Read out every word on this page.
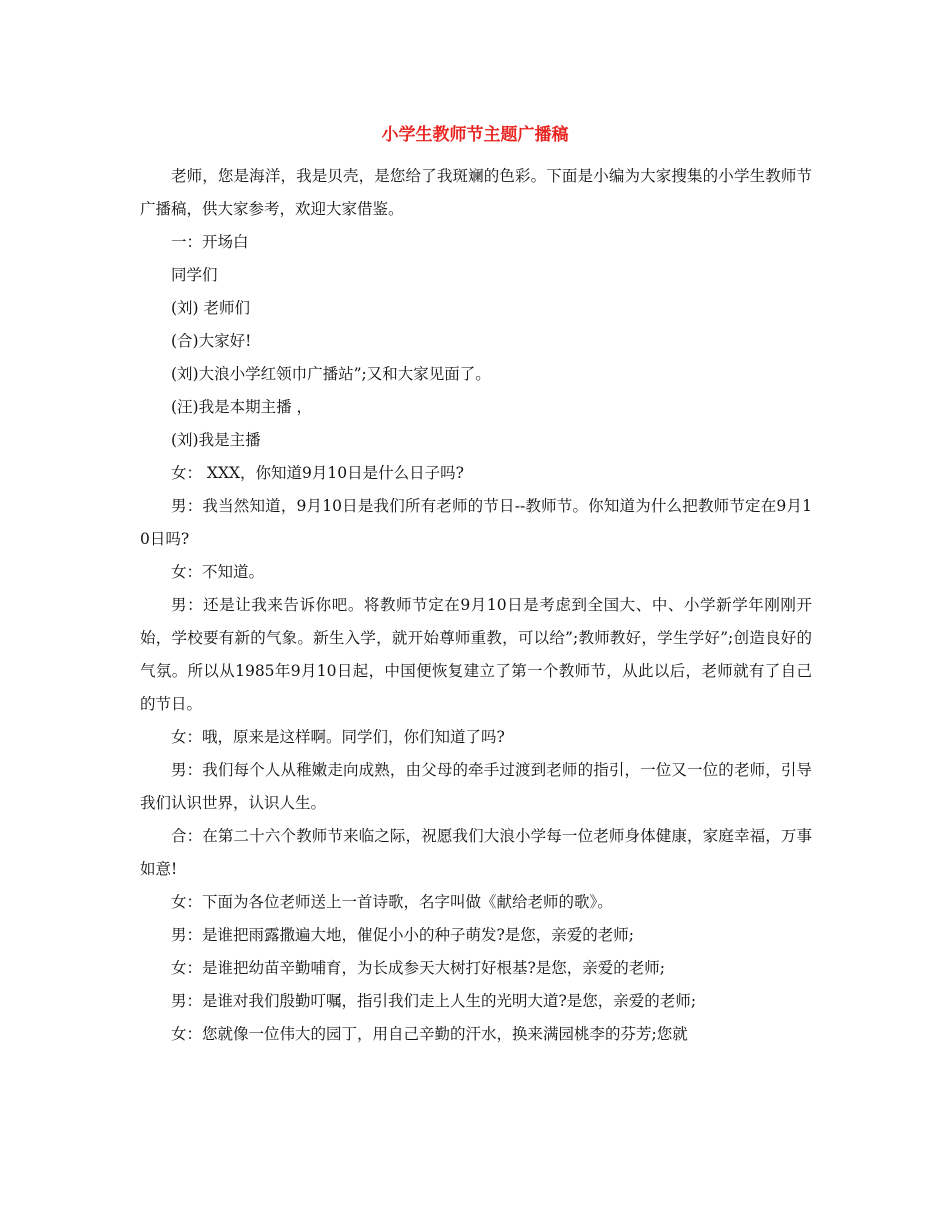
小学生教师节主题广播稿

老师，您是海洋，我是贝壳，是您给了我斑斓的色彩。下面是小编为大家搜集的小学生教师节广播稿，供大家参考，欢迎大家借鉴。

一：开场白

同学们

(刘) 老师们

(合)大家好!

(刘)大浪小学红领巾广播站”;又和大家见面了。

(汪)我是本期主播 ，

(刘)我是主播

女： XXX，你知道9月10日是什么日子吗?

男：我当然知道，9月10日是我们所有老师的节日--教师节。你知道为什么把教师节定在9月10日吗?

女：不知道。

男：还是让我来告诉你吧。将教师节定在9月10日是考虑到全国大、中、小学新学年刚刚开始，学校要有新的气象。新生入学，就开始尊师重教，可以给”;教师教好，学生学好”;创造良好的气氛。所以从1985年9月10日起，中国便恢复建立了第一个教师节，从此以后，老师就有了自己的节日。

女：哦，原来是这样啊。同学们，你们知道了吗?

男：我们每个人从稚嫩走向成熟，由父母的牵手过渡到老师的指引，一位又一位的老师，引导我们认识世界，认识人生。

合：在第二十六个教师节来临之际，祝愿我们大浪小学每一位老师身体健康，家庭幸福，万事如意!

女：下面为各位老师送上一首诗歌，名字叫做《献给老师的歌》。

男：是谁把雨露撒遍大地，催促小小的种子萌发?是您，亲爱的老师;

女：是谁把幼苗辛勤哺育，为长成参天大树打好根基?是您，亲爱的老师;

男：是谁对我们殷勤叮嘱，指引我们走上人生的光明大道?是您，亲爱的老师;

女：您就像一位伟大的园丁，用自己辛勤的汗水，换来满园桃李的芬芳;您就
